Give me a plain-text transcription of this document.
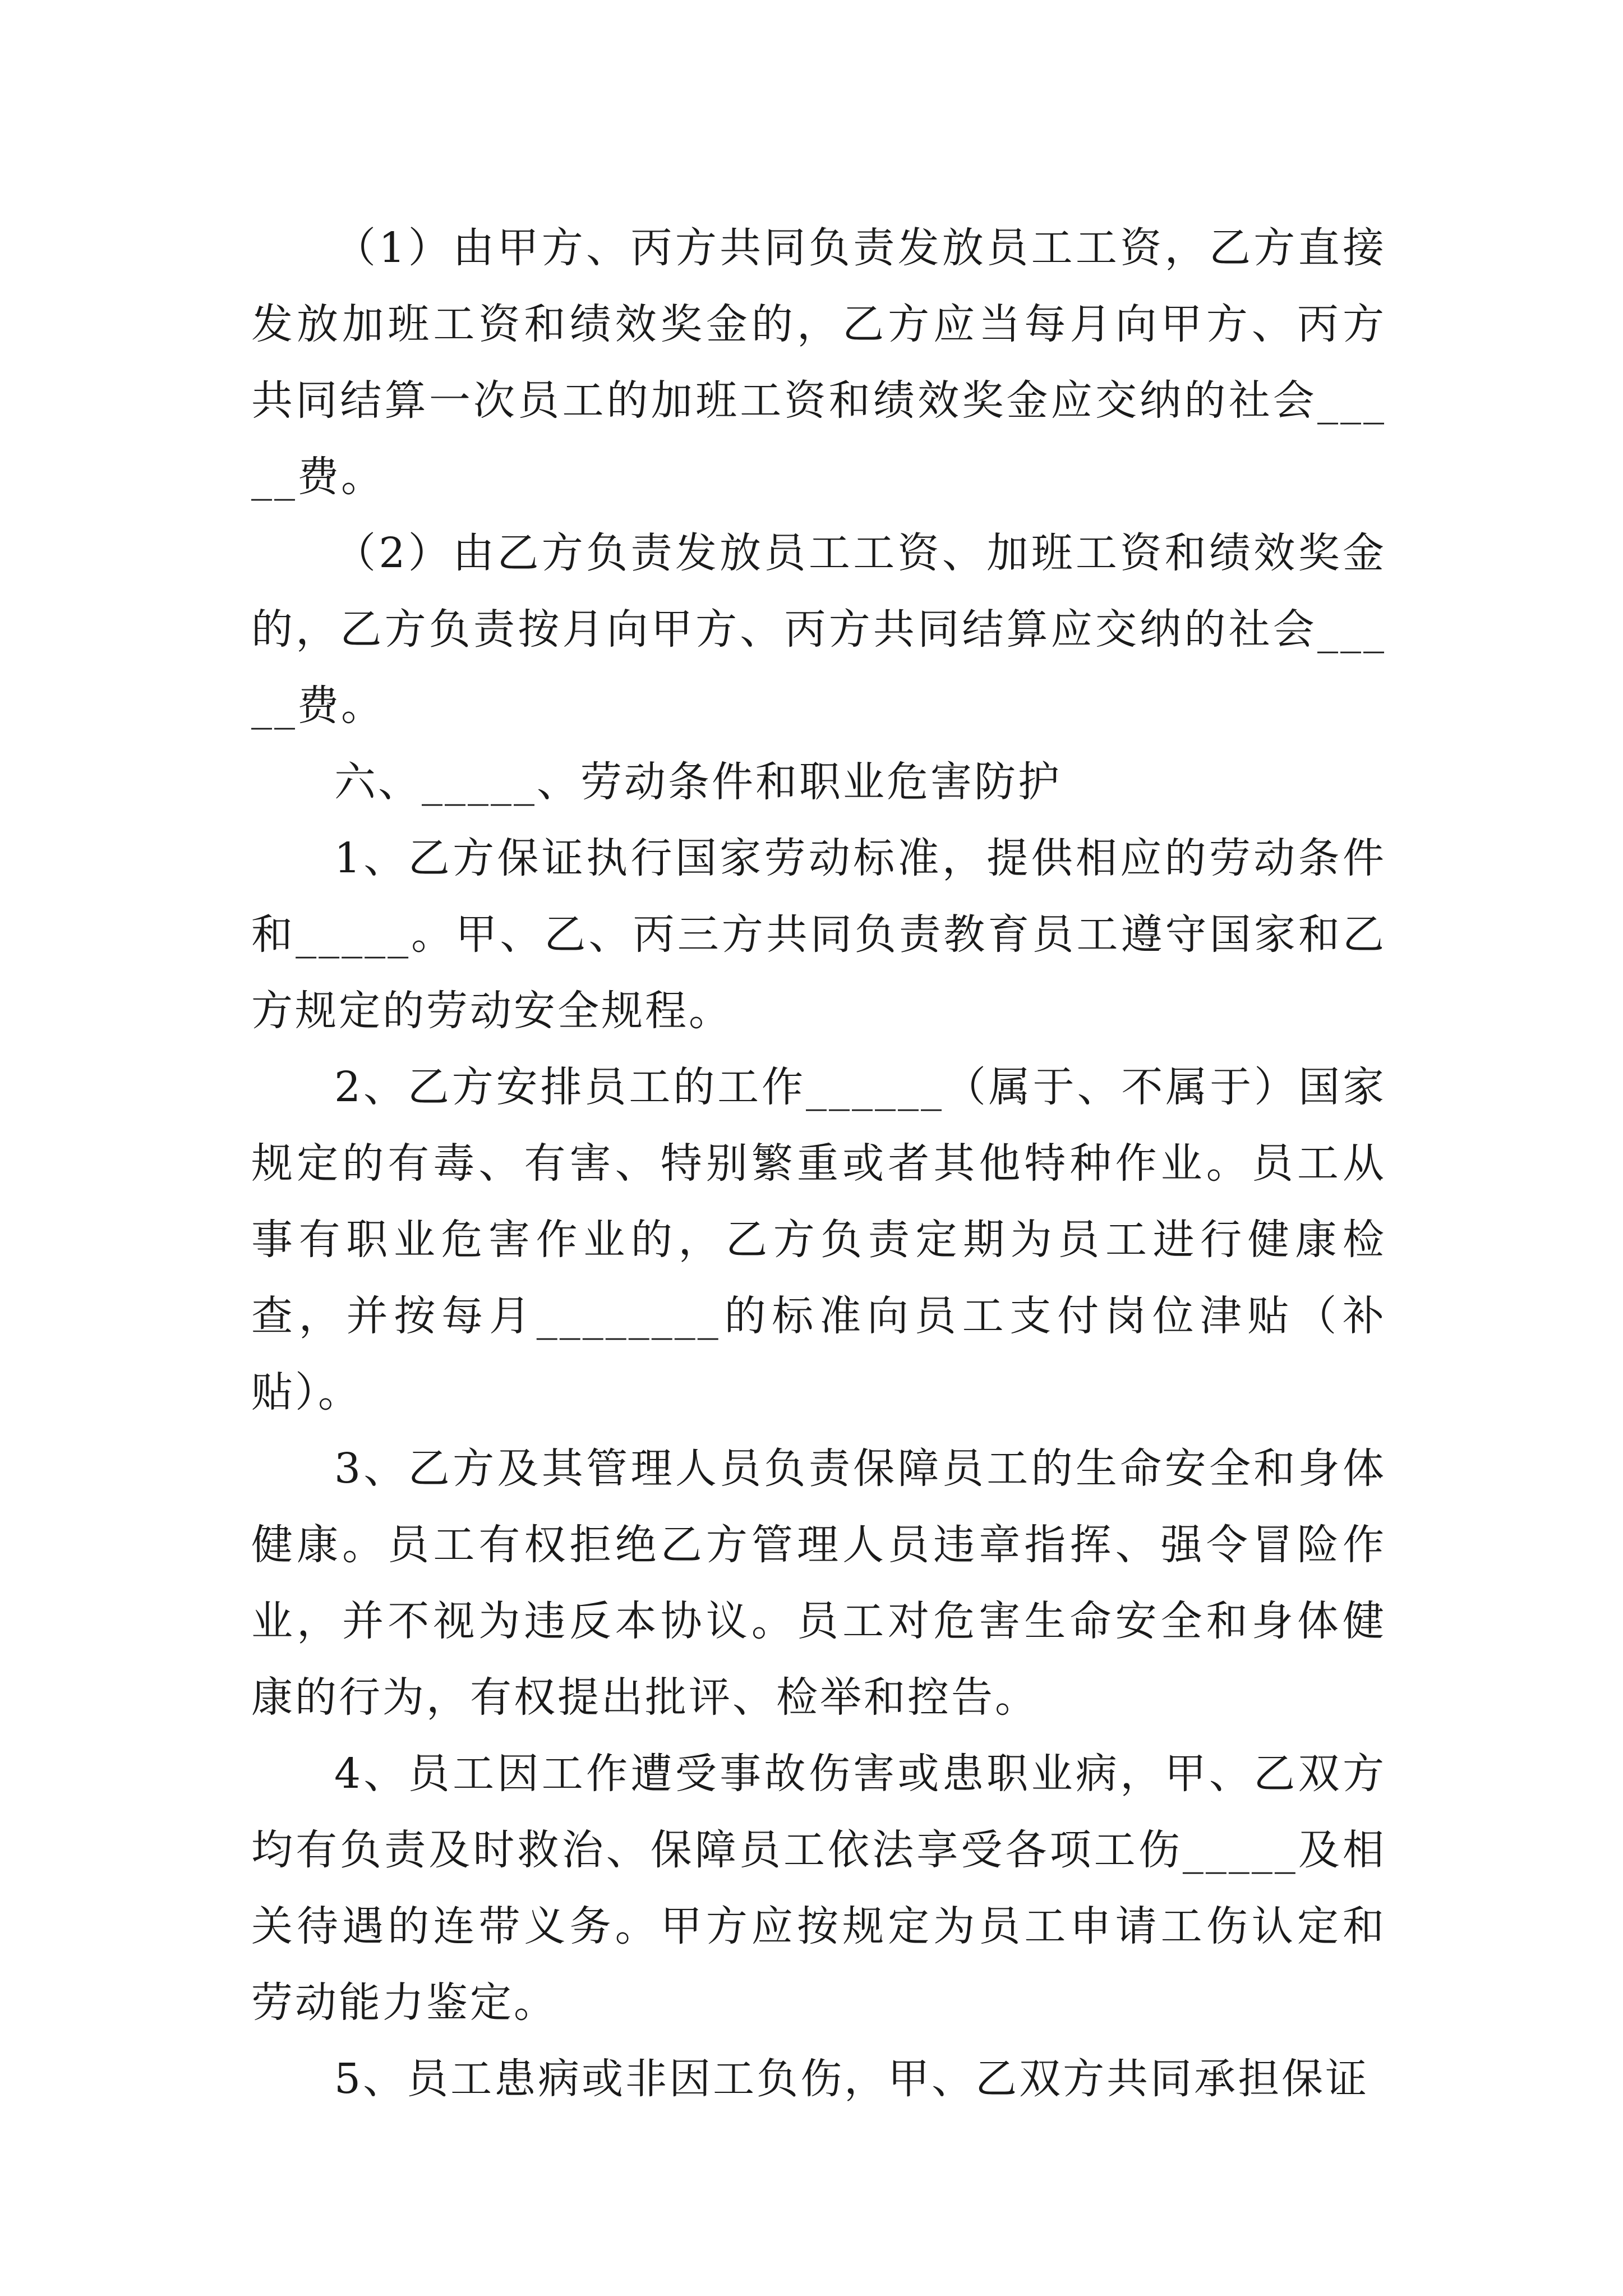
（1）由甲方、丙方共同负责发放员工工资，乙方直接发放加班工资和绩效奖金的，乙方应当每月向甲方、丙方共同结算一次员工的加班工资和绩效奖金应交纳的社会_____费。

（2）由乙方负责发放员工工资、加班工资和绩效奖金的，乙方负责按月向甲方、丙方共同结算应交纳的社会_____费。

六、_____、劳动条件和职业危害防护

1、乙方保证执行国家劳动标准，提供相应的劳动条件和_____。甲、乙、丙三方共同负责教育员工遵守国家和乙方规定的劳动安全规程。

2、乙方安排员工的工作______（属于、不属于）国家规定的有毒、有害、特别繁重或者其他特种作业。员工从事有职业危害作业的，乙方负责定期为员工进行健康检查，并按每月________的标准向员工支付岗位津贴（补贴）。

3、乙方及其管理人员负责保障员工的生命安全和身体健康。员工有权拒绝乙方管理人员违章指挥、强令冒险作业，并不视为违反本协议。员工对危害生命安全和身体健康的行为，有权提出批评、检举和控告。

4、员工因工作遭受事故伤害或患职业病，甲、乙双方均有负责及时救治、保障员工依法享受各项工伤_____及相关待遇的连带义务。甲方应按规定为员工申请工伤认定和劳动能力鉴定。

5、员工患病或非因工负伤，甲、乙双方共同承担保证
